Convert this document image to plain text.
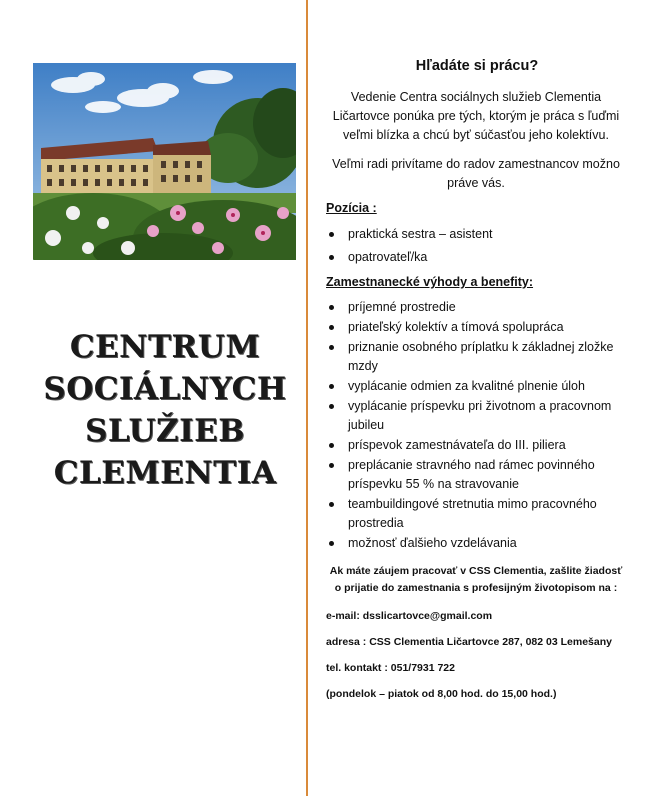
CENTRUM
SOCIÁLNYCH
SLUŽIEB
CLEMENTIA
Hľadáte si prácu?
Vedenie Centra sociálnych služieb Clementia Ličartovce ponúka pre tých, ktorým je práca s ľuďmi veľmi blízka a chcú byť súčasťou jeho kolektívu.
Veľmi radi privítame do radov zamestnancov možno práve vás.
Pozícia :
praktická sestra – asistent
opatrovateľ/ka
Zamestnanecké výhody a benefity:
príjemné prostredie
priateľský kolektív a tímová spolupráca
priznanie osobného príplatku k základnej zložke mzdy
vyplácanie odmien za kvalitné plnenie úloh
vyplácanie príspevku pri životnom a pracovnom jubileu
príspevok zamestnávateľa do III. piliera
preplácanie stravného nad rámec povinného príspevku 55 % na stravovanie
teambuildingové stretnutia mimo pracovného prostredia
možnosť ďalšieho vzdelávania
Ak máte záujem pracovať v CSS Clementia, zašlite žiadosť o prijatie do zamestnania s profesijným životopisom na :
e-mail: dsslicartovce@gmail.com
adresa : CSS Clementia Ličartovce 287, 082 03 Lemešany
tel. kontakt : 051/7931 722
(pondelok – piatok od 8,00 hod. do 15,00 hod.)
